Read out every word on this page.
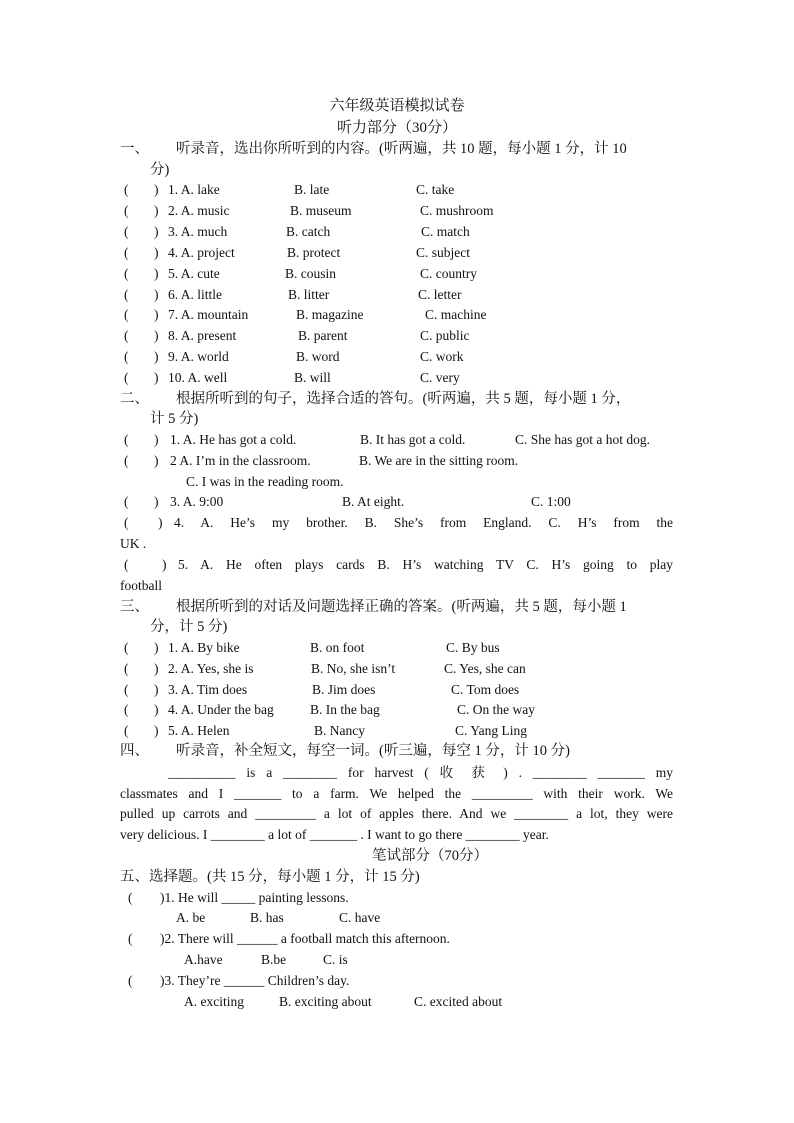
六年级英语模拟试卷
听力部分（30分）
一、 听录音，选出你所听到的内容。(听两遍，共 10 题，每小题 1 分，计 10
分)
( ) 1. A. lake	B. late	C. take
( ) 2. A. music	B. museum	C. mushroom
( ) 3. A. much	B. catch	C. match
( ) 4. A. project	B. protect	C. subject
( ) 5. A. cute	B. cousin	C. country
( ) 6. A. little	B. litter	C. letter
( ) 7. A. mountain	B. magazine	C. machine
( ) 8. A. present	B. parent	C. public
( ) 9. A. world	B. word	C. work
( ) 10. A. well	B. will	C. very
二、 根据所听到的句子，选择合适的答句。(听两遍，共 5 题，每小题 1 分，
计 5 分)
( ) 1. A. He has got a cold.	B. It has got a cold.	C. She has got a hot dog.
( ) 2 A. I’m in the classroom.	B. We are in the sitting room.
C. I was in the reading room.
( ) 3. A. 9:00	B. At eight.	C. 1:00
( ) 4. A. He’s my brother. B. She’s from England. C. H’s from the
UK .
( ) 5. A. He often plays cards B. H’s watching TV C. H’s going to play
football
三、 根据所听到的对话及问题选择正确的答案。(听两遍，共 5 题，每小题 1
分，计 5 分)
( ) 1. A. By bike	B. on foot	C. By bus
( ) 2. A. Yes, she is	B. No, she isn’t	C. Yes, she can
( ) 3. A. Tim does	B. Jim does	C. Tom does
( ) 4. A. Under the bag	B. In the bag	C. On the way
( ) 5. A. Helen	B. Nancy	C. Yang Ling
四、 听录音，补全短文，每空一词。(听三遍，每空 1 分，计 10 分)
__________ is a ________ for harvest ( 收 获 ) . ________ _______ my
classmates and I _______ to a farm. We helped the _________ with their work. We
pulled up carrots and _________ a lot of apples there. And we ________ a lot, they were
very delicious. I ________ a lot of _______ . I want to go there ________ year.
笔试部分（70分）
五、选择题。(共 15 分，每小题 1 分，计 15 分)
( )1. He will _____ painting lessons.
A. be	B. has	C. have
( )2. There will ______ a football match this afternoon.
A.have	B.be	C. is
( )3. They’re ______ Children’s day.
A. exciting	B. exciting about	C. excited about
